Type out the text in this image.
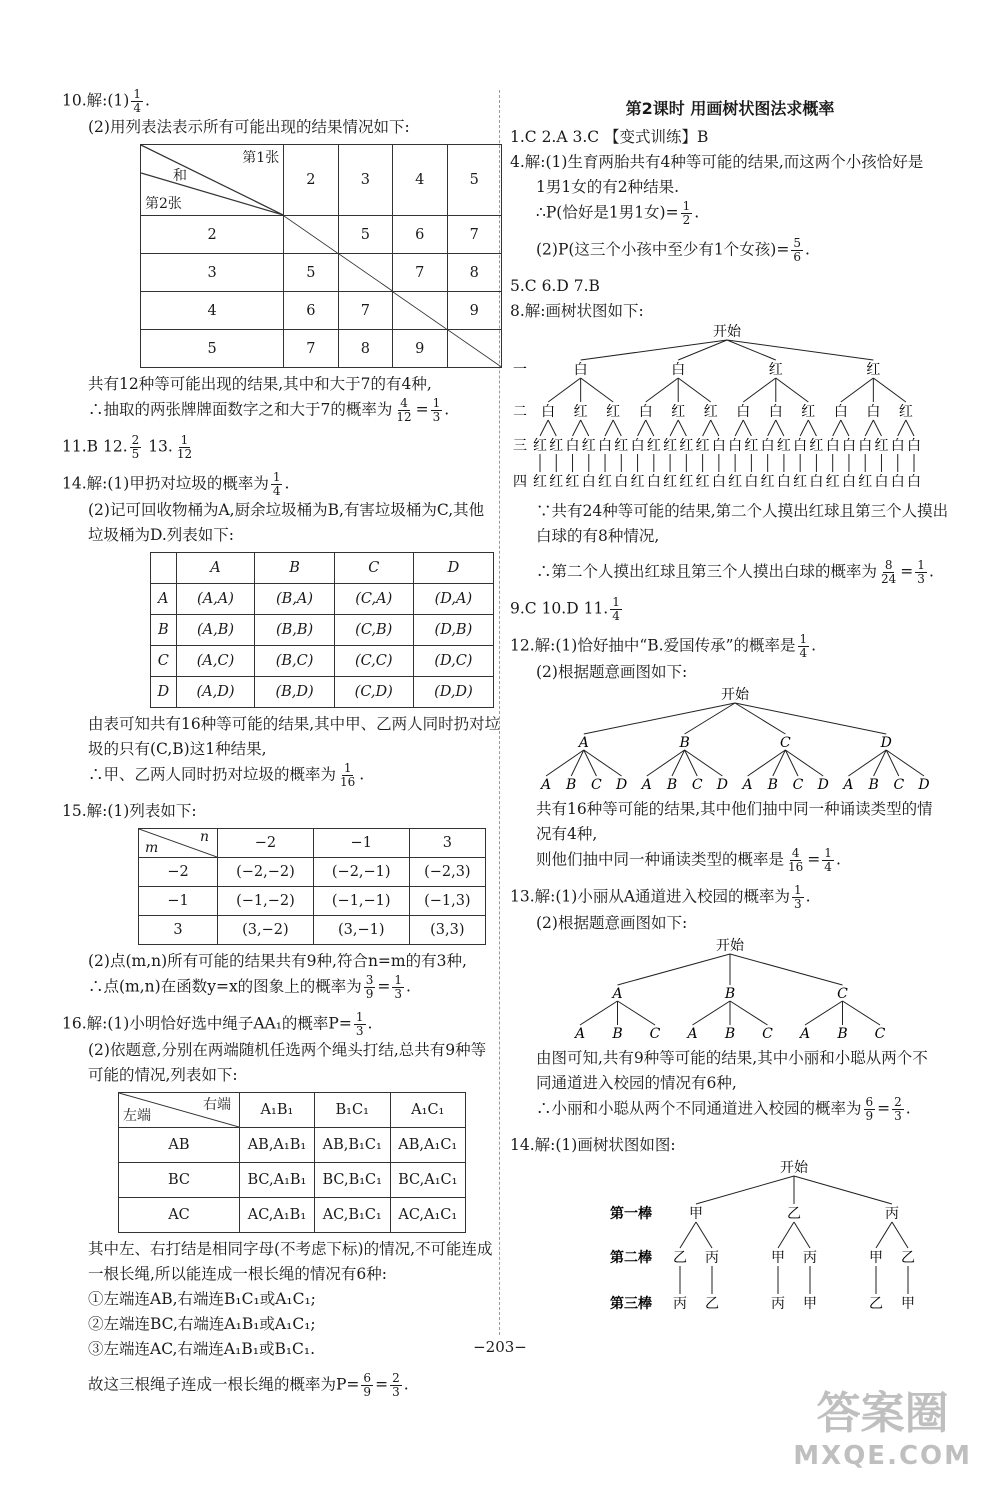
10.解:(1) $\frac{1}{4}$ .

(2)用列表法表示所有可能出现的结果情况如下:

第1张
和
第2张	2	3	4	5
2		5	6	7
3	5		7	8
4	6	7		9
5	7	8	9	

共有12种等可能出现的结果,其中和大于7的有4种,

∴抽取的两张牌牌面数字之和大于7的概率为 $\frac{4}{12} = \frac{1}{3}$ .

11.B 12. $\frac{2}{5} 13$. $\frac{1}{12}$

14.解:(1)甲扔对垃圾的概率为 $\frac{1}{4}$ .

(2)记可回收物桶为A,厨余垃圾桶为B,有害垃圾桶为C,其他

垃圾桶为D.列表如下:

	A	B	C	D
A	(A,A)	(B,A)	(C,A)	(D,A)
B	(A,B)	(B,B)	(C,B)	(D,B)
C	(A,C)	(B,C)	(C,C)	(D,C)
D	(A,D)	(B,D)	(C,D)	(D,D)

由表可知共有16种等可能的结果,其中甲、乙两人同时扔对垃

圾的只有(C,B)这1种结果,

∴甲、乙两人同时扔对垃圾的概率为 $\frac{1}{16}$ .

15.解:(1)列表如下:

m
n	−2	−1	3
−2	(−2,−2)	(−2,−1)	(−2,3)
−1	(−1,−2)	(−1,−1)	(−1,3)
3	(3,−2)	(3,−1)	(3,3)

(2)点(m,n)所有可能的结果共有9种,符合n=m的有3种,

∴点(m,n)在函数y=x的图象上的概率为 $\frac{3}{9} = \frac{1}{3}$ .

16.解:(1)小明恰好选中绳子AA₁的概率$P= \frac{1}{3}$ .

(2)依题意,分别在两端随机任选两个绳头打结,总共有9种等

可能的情况,列表如下:

右端
左端	A₁B₁	B₁C₁	A₁C₁
AB	AB,A₁B₁	AB,B₁C₁	AB,A₁C₁
BC	BC,A₁B₁	BC,B₁C₁	BC,A₁C₁
AC	AC,A₁B₁	AC,B₁C₁	AC,A₁C₁

其中左、右打结是相同字母(不考虑下标)的情况,不可能连成

一根长绳,所以能连成一根长绳的情况有6种:

①左端连AB,右端连B₁C₁或A₁C₁;

②左端连BC,右端连A₁B₁或A₁C₁;

③左端连AC,右端连A₁B₁或B₁C₁.

故这三根绳子连成一根长绳的概率为$P= \frac{6}{9} = \frac{2}{3}$ .

第2课时 用画树状图法求概率

1.C 2.A 3.C 【变式训练】B

4.解:(1)生育两胎共有4种等可能的结果,而这两个小孩恰好是

1男1女的有2种结果.

∴P(恰好是1男1女)= $\frac{1}{2}$ .

(2)P(这三个小孩中至少有1个女孩)= $\frac{5}{6}$ .

5.C 6.D 7.B

8.解:画树状图如下:

开始
一
二
三
四
白	白	红	红
白 红 红 白 红 红 白 白 红 白 白 红
红 红 白 红 白 红 白 红 红 红 红 白 白 红 白 红 白 红 白 白 白 红 白 白
红 红 红 白 红 白 红 白 红 红 红 白 红 白 红 白 红 白 红 白 红 白 白 白

∵共有24种等可能的结果,第二个人摸出红球且第三个人摸出

白球的有8种情况,

∴第二个人摸出红球且第三个人摸出白球的概率为 $\frac{8}{24} = \frac{1}{3}$ .

9.C 10.D 11. $\frac{1}{4}$

12.解:(1)恰好抽中“B.爱国传承”的概率是 $\frac{1}{4}$ .

(2)根据题意画图如下:

开始
A
A B C D
B
A B C D
C
A B C D
D
A B C D

共有16种等可能的结果,其中他们抽中同一种诵读类型的情

况有4种,

则他们抽中同一种诵读类型的概率是 $\frac{4}{16} = \frac{1}{4}$ .

13.解:(1)小丽从A通道进入校园的概率为 $\frac{1}{3}$ .

(2)根据题意画图如下:

开始
A
A B C
B
A B C
C
A B C

由图可知,共有9种等可能的结果,其中小丽和小聪从两个不

同通道进入校园的情况有6种,

∴小丽和小聪从两个不同通道进入校园的概率为 $\frac{6}{9} = \frac{2}{3}$ .

14.解:(1)画树状图如图:

开始
第一棒
第二棒
第三棒
甲	乙	丙
乙 丙	甲 丙	甲 乙
丙 乙	丙 甲	乙 甲
−203−
答案圈
MXQE.COM
